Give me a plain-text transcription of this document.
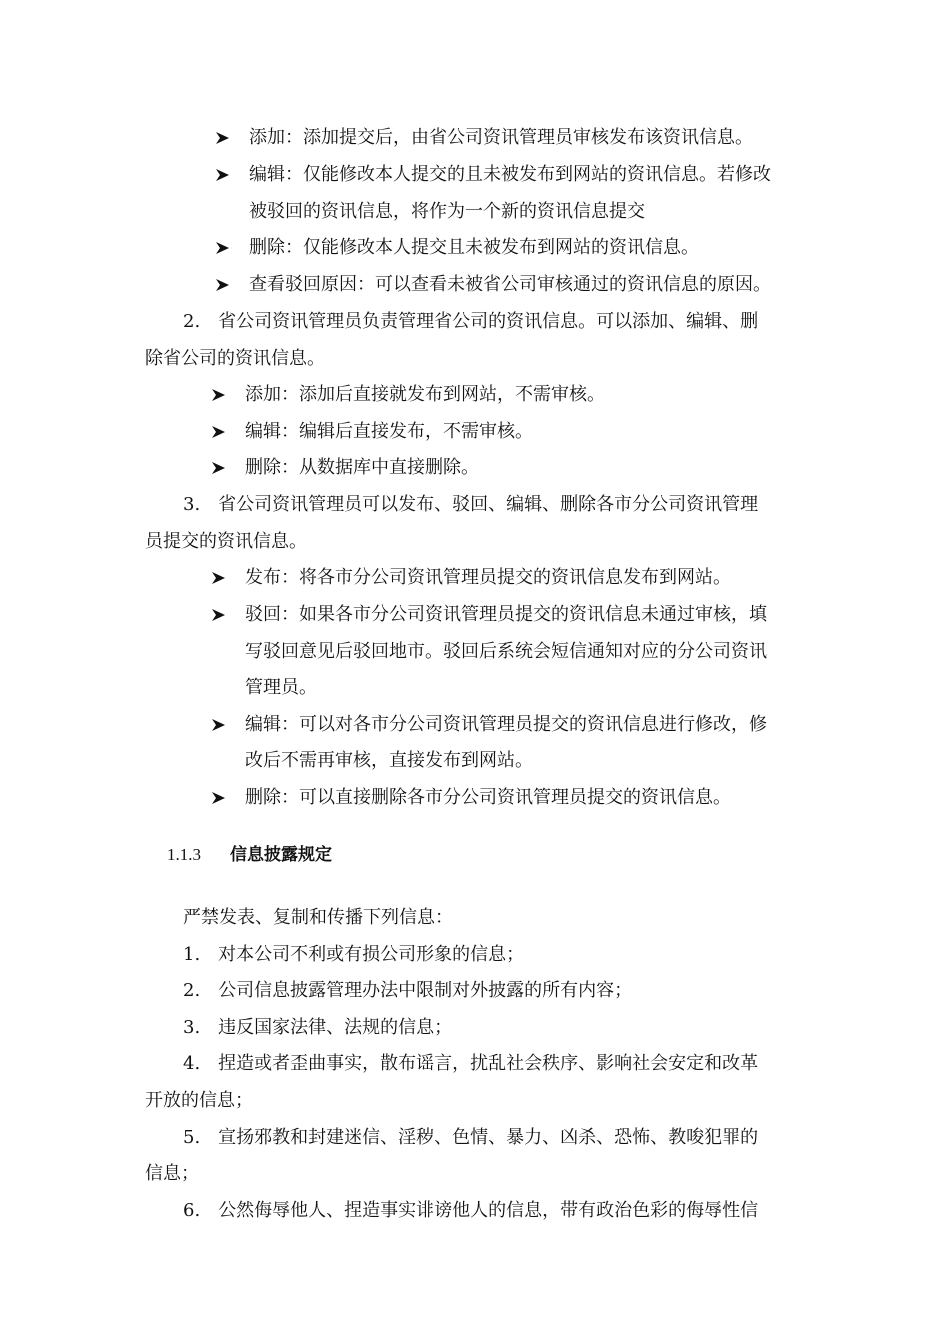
添加：添加提交后，由省公司资讯管理员审核发布该资讯信息。
编辑：仅能修改本人提交的且未被发布到网站的资讯信息。若修改
被驳回的资讯信息，将作为一个新的资讯信息提交
删除：仅能修改本人提交且未被发布到网站的资讯信息。
查看驳回原因：可以查看未被省公司审核通过的资讯信息的原因。
2.　省公司资讯管理员负责管理省公司的资讯信息。可以添加、编辑、删
除省公司的资讯信息。
添加：添加后直接就发布到网站，不需审核。
编辑：编辑后直接发布，不需审核。
删除：从数据库中直接删除。
3.　省公司资讯管理员可以发布、驳回、编辑、删除各市分公司资讯管理
员提交的资讯信息。
发布：将各市分公司资讯管理员提交的资讯信息发布到网站。
驳回：如果各市分公司资讯管理员提交的资讯信息未通过审核，填
写驳回意见后驳回地市。驳回后系统会短信通知对应的分公司资讯
管理员。
编辑：可以对各市分公司资讯管理员提交的资讯信息进行修改，修
改后不需再审核，直接发布到网站。
删除：可以直接删除各市分公司资讯管理员提交的资讯信息。
1.1.3 信息披露规定
严禁发表、复制和传播下列信息：
1.　对本公司不利或有损公司形象的信息；
2.　公司信息披露管理办法中限制对外披露的所有内容；
3.　违反国家法律、法规的信息；
4.　捏造或者歪曲事实，散布谣言，扰乱社会秩序、影响社会安定和改革
开放的信息；
5.　宣扬邪教和封建迷信、淫秽、色情、暴力、凶杀、恐怖、教唆犯罪的
信息；
6.　公然侮辱他人、捏造事实诽谤他人的信息，带有政治色彩的侮辱性信
